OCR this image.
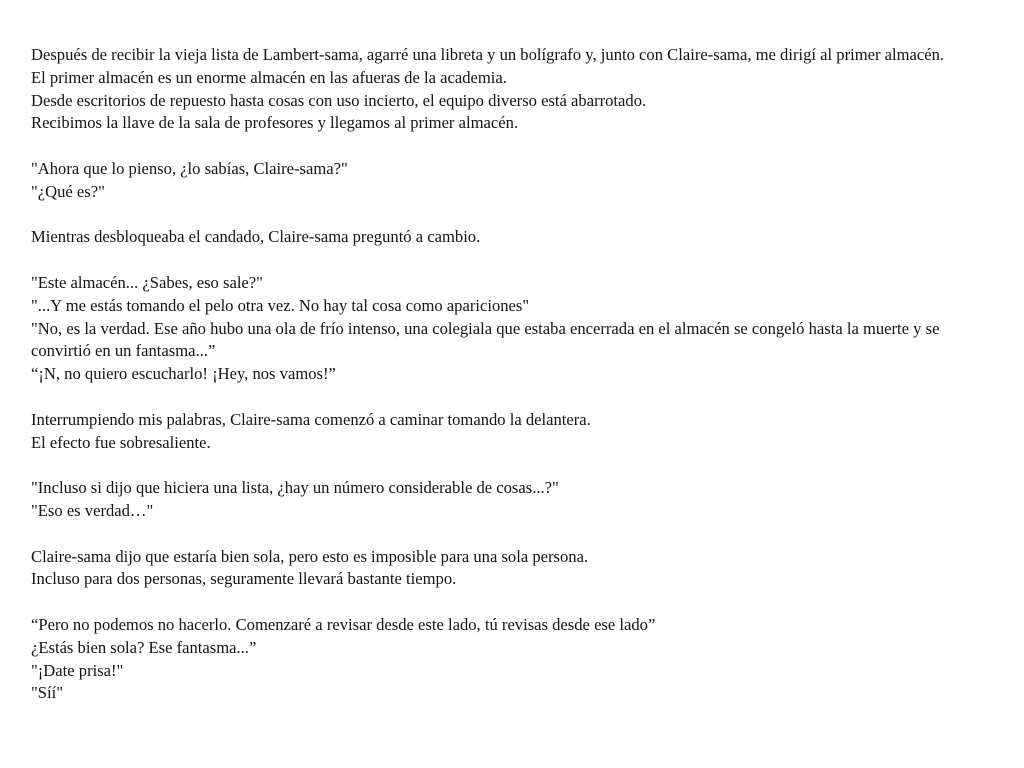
Después de recibir la vieja lista de Lambert-sama, agarré una libreta y un bolígrafo y, junto con Claire-sama, me dirigí al primer almacén.
El primer almacén es un enorme almacén en las afueras de la academia.
Desde escritorios de repuesto hasta cosas con uso incierto, el equipo diverso está abarrotado.
Recibimos la llave de la sala de profesores y llegamos al primer almacén.
"Ahora que lo pienso, ¿lo sabías, Claire-sama?"
"¿Qué es?"
Mientras desbloqueaba el candado, Claire-sama preguntó a cambio.
"Este almacén... ¿Sabes, eso sale?"
"...Y me estás tomando el pelo otra vez. No hay tal cosa como apariciones"
"No, es la verdad. Ese año hubo una ola de frío intenso, una colegiala que estaba encerrada en el almacén se congeló hasta la muerte y se convirtió en un fantasma...”
“¡N, no quiero escucharlo! ¡Hey, nos vamos!”
Interrumpiendo mis palabras, Claire-sama comenzó a caminar tomando la delantera.
El efecto fue sobresaliente.
"Incluso si dijo que hiciera una lista, ¿hay un número considerable de cosas...?"
"Eso es verdad…"
Claire-sama dijo que estaría bien sola, pero esto es imposible para una sola persona.
Incluso para dos personas, seguramente llevará bastante tiempo.
“Pero no podemos no hacerlo. Comenzaré a revisar desde este lado, tú revisas desde ese lado”
¿Estás bien sola? Ese fantasma...”
"¡Date prisa!"
"Síí"
